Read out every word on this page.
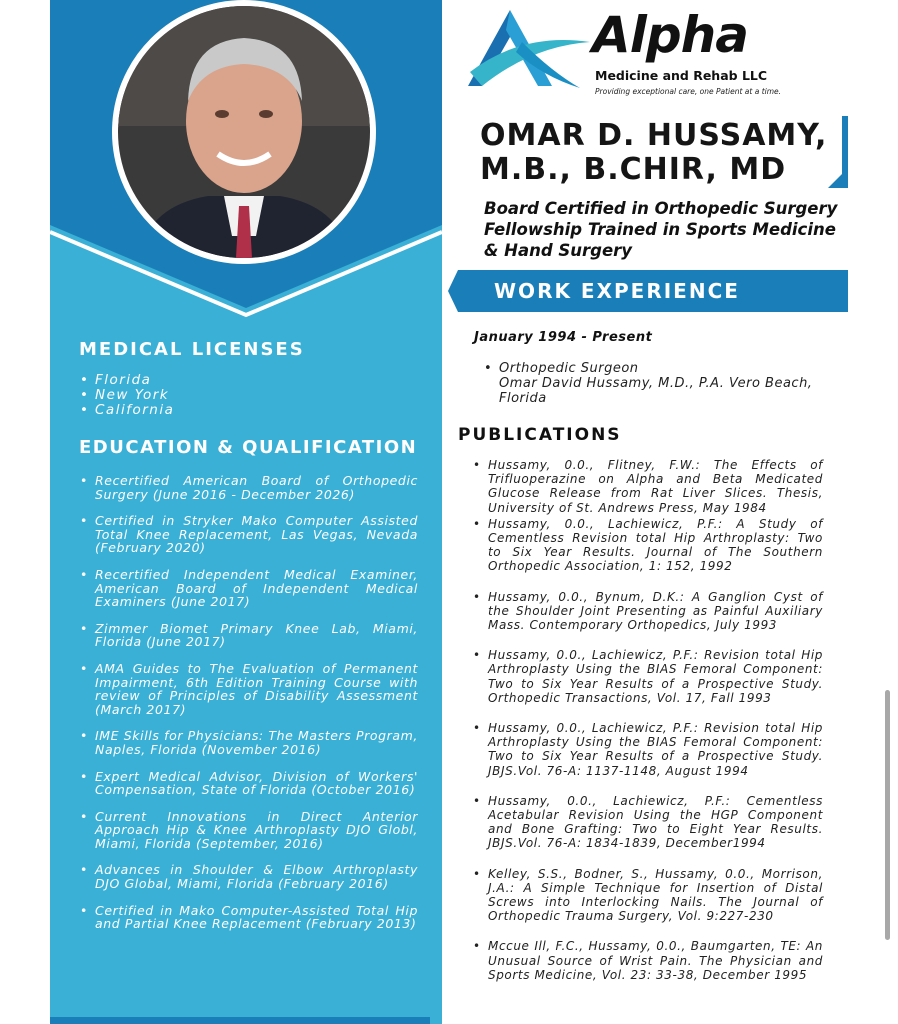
MEDICAL LICENSES
• Florida
• New York
• California
EDUCATION & QUALIFICATION
• Recertified American Board of Orthopedic Surgery (June 2016 - December 2026)
• Certified in Stryker Mako Computer Assisted Total Knee Replacement, Las Vegas, Nevada (February 2020)
• Recertified Independent Medical Examiner, American Board of Independent Medical Examiners (June 2017)
• Zimmer Biomet Primary Knee Lab, Miami, Florida (June 2017)
• AMA Guides to The Evaluation of Permanent Impairment, 6th Edition Training Course with review of Principles of Disability Assessment (March 2017)
• IME Skills for Physicians: The Masters Program, Naples, Florida (November 2016)
• Expert Medical Advisor, Division of Workers' Compensation, State of Florida (October 2016)
• Current Innovations in Direct Anterior Approach Hip & Knee Arthroplasty DJO Globl, Miami, Florida (September, 2016)
• Advances in Shoulder & Elbow Arthroplasty DJO Global, Miami, Florida (February 2016)
• Certified in Mako Computer-Assisted Total Hip and Partial Knee Replacement (February 2013)
Alpha
Medicine and Rehab LLC
Providing exceptional care, one Patient at a time.
OMAR D. HUSSAMY,
M.B., B.CHIR, MD
Board Certified in Orthopedic Surgery
Fellowship Trained in Sports Medicine
& Hand Surgery
WORK EXPERIENCE
January 1994 - Present
• Orthopedic Surgeon
Omar David Hussamy, M.D., P.A. Vero Beach,
Florida
PUBLICATIONS
• Hussamy, 0.0., Flitney, F.W.: The Effects of Trifluoperazine on Alpha and Beta Medicated Glucose Release from Rat Liver Slices. Thesis, University of St. Andrews Press, May 1984
• Hussamy, 0.0., Lachiewicz, P.F.: A Study of Cementless Revision total Hip Arthroplasty: Two to Six Year Results. Journal of The Southern Orthopedic Association, 1: 152, 1992
• Hussamy, 0.0., Bynum, D.K.: A Ganglion Cyst of the Shoulder Joint Presenting as Painful Auxiliary Mass. Contemporary Orthopedics, July 1993
• Hussamy, 0.0., Lachiewicz, P.F.: Revision total Hip Arthroplasty Using the BIAS Femoral Component: Two to Six Year Results of a Prospective Study. Orthopedic Transactions, Vol. 17, Fall 1993
• Hussamy, 0.0., Lachiewicz, P.F.: Revision total Hip Arthroplasty Using the BIAS Femoral Component: Two to Six Year Results of a Prospective Study. JBJS.Vol. 76-A: 1137-1148, August 1994
• Hussamy, 0.0., Lachiewicz, P.F.: Cementless Acetabular Revision Using the HGP Component and Bone Grafting: Two to Eight Year Results. JBJS.Vol. 76-A: 1834-1839, December1994
• Kelley, S.S., Bodner, S., Hussamy, 0.0., Morrison, J.A.: A Simple Technique for Insertion of Distal Screws into Interlocking Nails. The Journal of Orthopedic Trauma Surgery, Vol. 9:227-230
• Mccue Ill, F.C., Hussamy, 0.0., Baumgarten, TE: An Unusual Source of Wrist Pain. The Physician and Sports Medicine, Vol. 23: 33-38, December 1995
